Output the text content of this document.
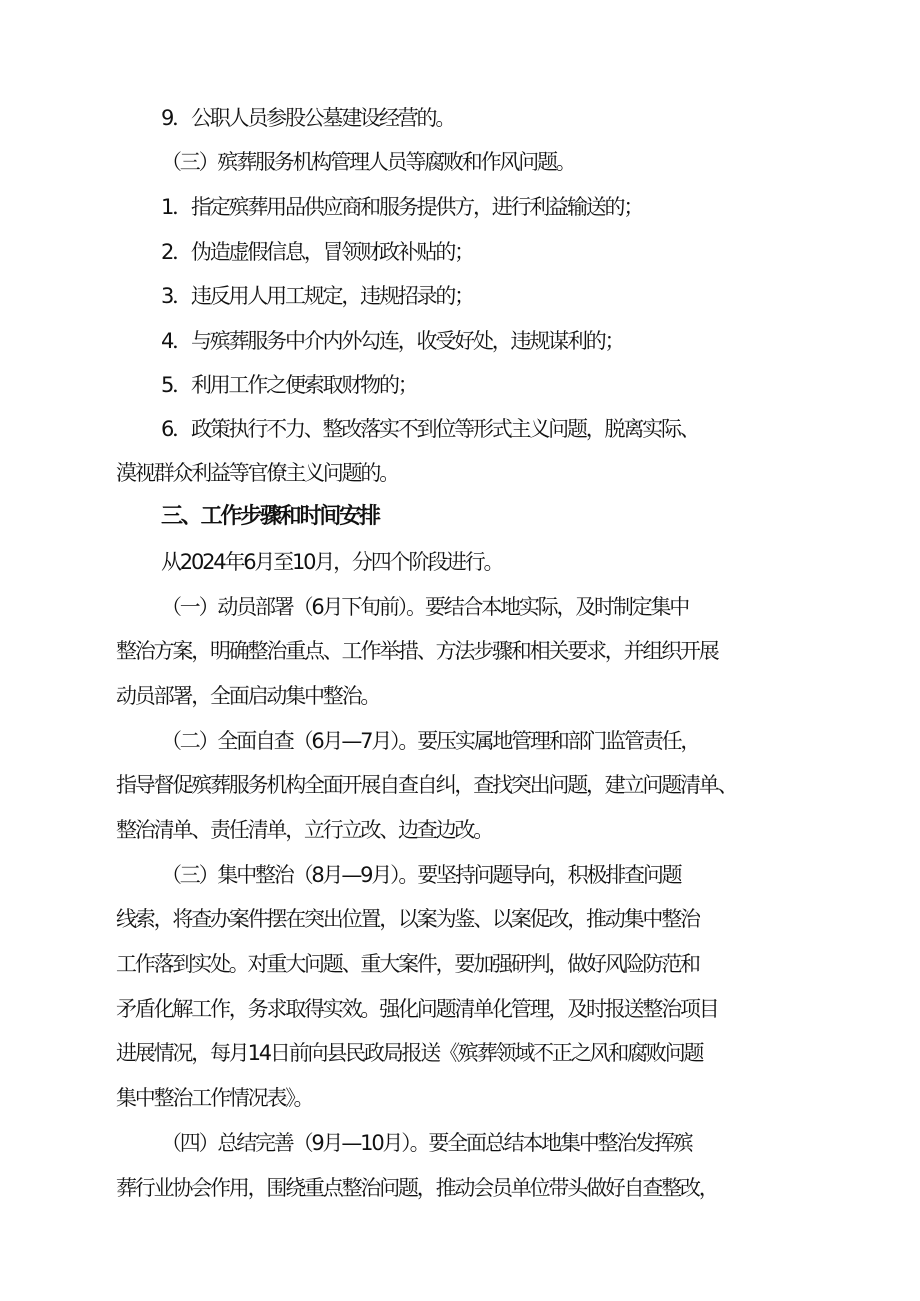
9．公职人员参股公墓建设经营的。
（三）殡葬服务机构管理人员等腐败和作风问题。
1．指定殡葬用品供应商和服务提供方，进行利益输送的；
2．伪造虚假信息，冒领财政补贴的；
3．违反用人用工规定，违规招录的；
4．与殡葬服务中介内外勾连，收受好处，违规谋利的；
5．利用工作之便索取财物的；
6．政策执行不力、整改落实不到位等形式主义问题，脱离实际、
漠视群众利益等官僚主义问题的。
三、工作步骤和时间安排
从2024年6月至10月，分四个阶段进行。
（一）动员部署（6月下旬前）。要结合本地实际，及时制定集中
整治方案，明确整治重点、工作举措、方法步骤和相关要求，并组织开展
动员部署，全面启动集中整治。
（二）全面自查（6月—7月）。要压实属地管理和部门监管责任，
指导督促殡葬服务机构全面开展自查自纠，查找突出问题，建立问题清单、
整治清单、责任清单，立行立改、边查边改。
（三）集中整治（8月—9月）。要坚持问题导向，积极排查问题
线索，将查办案件摆在突出位置，以案为鉴、以案促改，推动集中整治
工作落到实处。对重大问题、重大案件，要加强研判，做好风险防范和
矛盾化解工作，务求取得实效。强化问题清单化管理，及时报送整治项目
进展情况，每月14日前向县民政局报送《殡葬领域不正之风和腐败问题
集中整治工作情况表》。
（四）总结完善（9月—10月）。要全面总结本地集中整治发挥殡
葬行业协会作用，围绕重点整治问题，推动会员单位带头做好自查整改，
